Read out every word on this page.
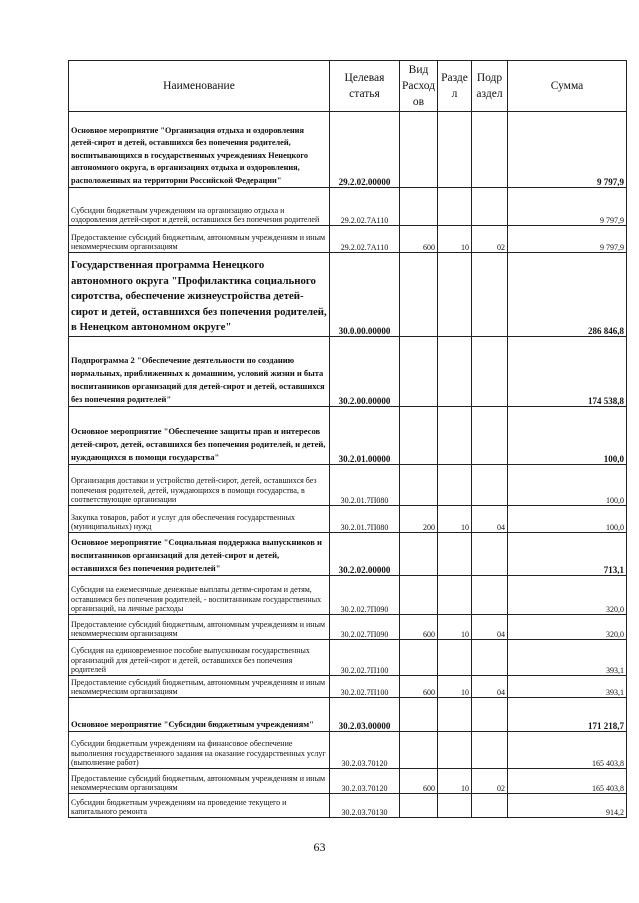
Наименование	Целевая статья	Вид Расход ов	Разде л	Подр аздел	Сумма
Основное мероприятие "Организация отдыха и оздоровления детей-сирот и детей, оставшихся без попечения родителей, воспитывающихся в государственных учреждениях Ненецкого автономного округа, в организациях отдыха и оздоровления, расположенных на территории Российской Федерации"	29.2.02.00000				9 797,9
Субсидии бюджетным учреждениям на организацию отдыха и оздоровления детей-сирот и детей, оставшихся без попечения родителей	29.2.02.7А110				9 797,9
Предоставление субсидий бюджетным, автономным учреждениям и иным некоммерческим организациям	29.2.02.7А110	600	10	02	9 797,9
Государственная программа Ненецкого автономного округа "Профилактика социального сиротства, обеспечение жизнеустройства детей-сирот и детей, оставшихся без попечения родителей, в Ненецком автономном округе"	30.0.00.00000				286 846,8
Подпрограмма 2 "Обеспечение деятельности по созданию нормальных, приближенных к домашним, условий жизни и быта воспитанников организаций для детей-сирот и детей, оставшихся без попечения родителей"	30.2.00.00000				174 538,8
Основное мероприятие "Обеспечение защиты прав и интересов детей-сирот, детей, оставшихся без попечения родителей, и детей, нуждающихся в помощи государства"	30.2.01.00000				100,0
Организация доставки и устройство детей-сирот, детей, оставшихся без попечения родителей, детей, нуждающихся в помощи государства, в соответствующие организации	30.2.01.7П080				100,0
Закупка товаров, работ и услуг для обеспечения государственных (муниципальных) нужд	30.2.01.7П080	200	10	04	100,0
Основное мероприятие "Социальная поддержка выпускников и воспитанников организаций для детей-сирот и детей, оставшихся без попечения родителей"	30.2.02.00000				713,1
Субсидия на ежемесячные денежные выплаты детям-сиротам и детям, оставшимся без попечения родителей, - воспитанникам государственных организаций, на личные расходы	30.2.02.7П090				320,0
Предоставление субсидий бюджетным, автономным учреждениям и иным некоммерческим организациям	30.2.02.7П090	600	10	04	320,0
Субсидия на единовременное пособие выпускникам государственных организаций для детей-сирот и детей, оставшихся без попечения родителей	30.2.02.7П100				393,1
Предоставление субсидий бюджетным, автономным учреждениям и иным некоммерческим организациям	30.2.02.7П100	600	10	04	393,1
Основное мероприятие "Субсидии бюджетным учреждениям"	30.2.03.00000				171 218,7
Субсидии бюджетным учреждениям на финансовое обеспечение выполнения государственного задания на оказание государственных услуг (выполнение работ)	30.2.03.70120				165 403,8
Предоставление субсидий бюджетным, автономным учреждениям и иным некоммерческим организациям	30.2.03.70120	600	10	02	165 403,8
Субсидии бюджетным учреждениям на проведение текущего и капитального ремонта	30.2.03.70130				914,2
63
